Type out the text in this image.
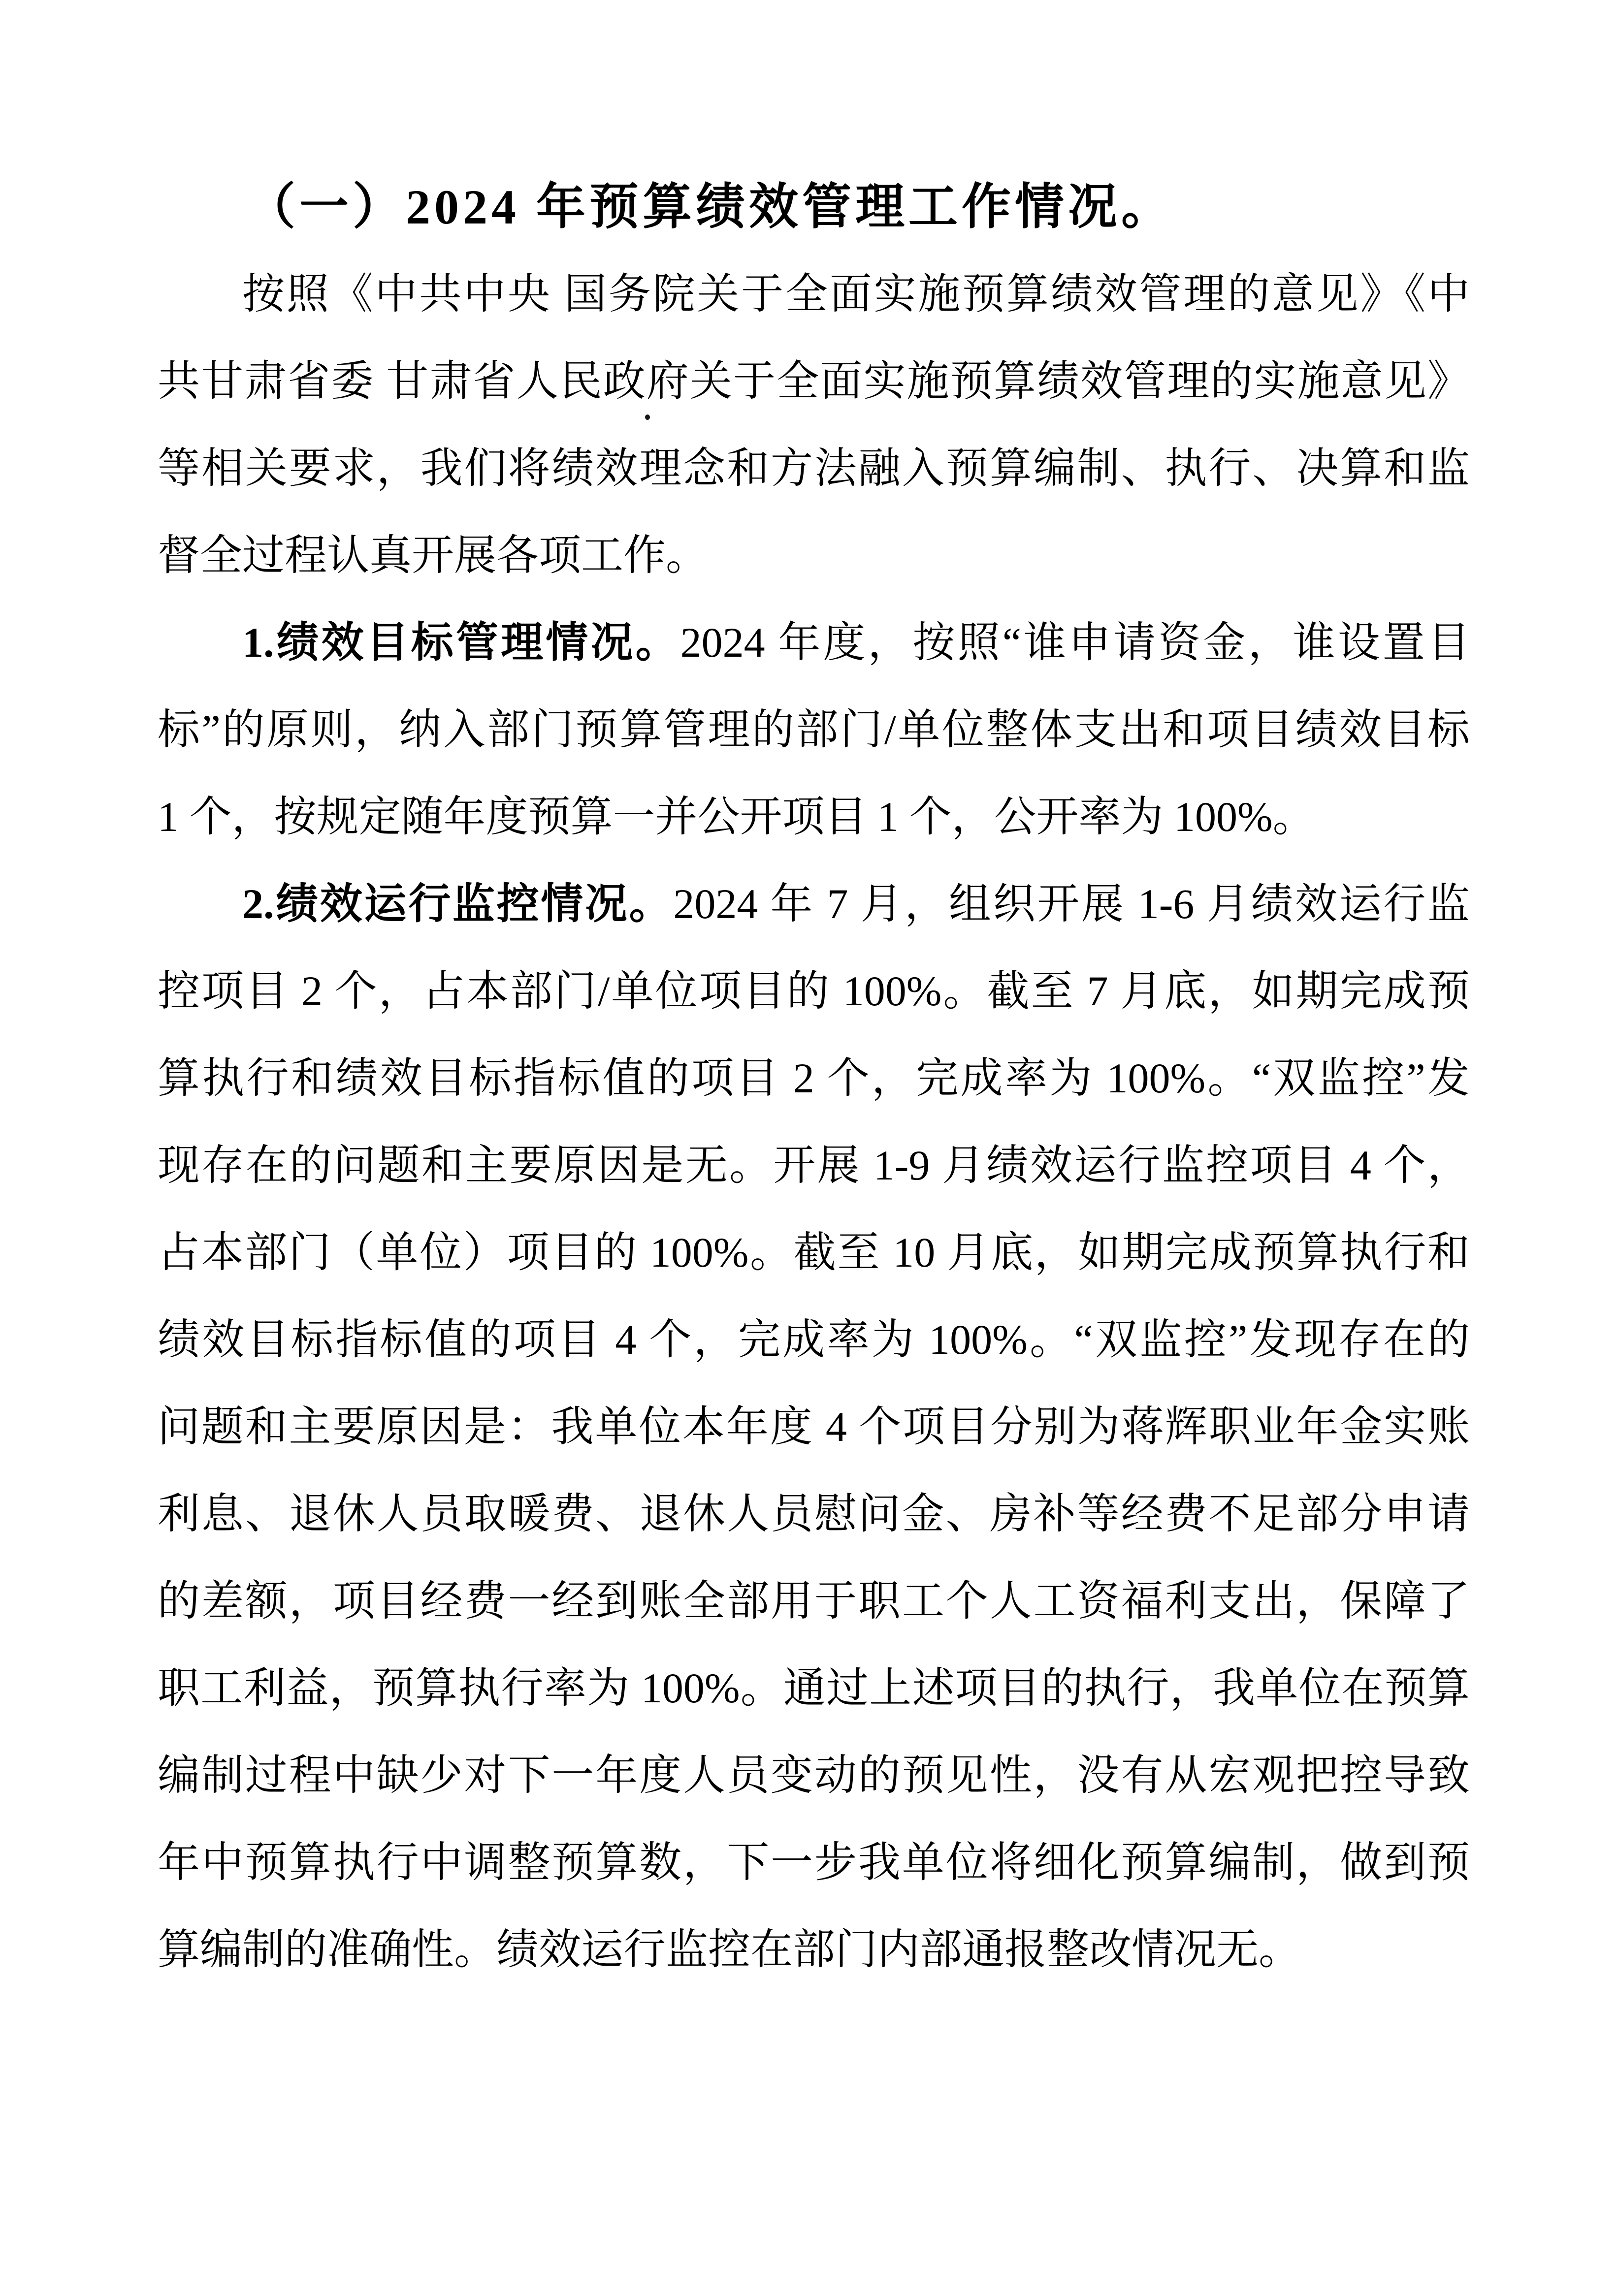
（一）2024 年预算绩效管理工作情况。
按照《中共中央 国务院关于全面实施预算绩效管理的意见》《中
共甘肃省委 甘肃省人民政府关于全面实施预算绩效管理的实施意见》
等相关要求，我们将绩效理念和方法融入预算编制、执行、决算和监
督全过程认真开展各项工作。
1.绩效目标管理情况。2024 年度，按照“谁申请资金，谁设置目
标”的原则，纳入部门预算管理的部门/单位整体支出和项目绩效目标
1 个，按规定随年度预算一并公开项目 1 个，公开率为 100%。
2.绩效运行监控情况。2024 年 7 月，组织开展 1-6 月绩效运行监
控项目 2 个，占本部门/单位项目的 100%。截至 7 月底，如期完成预
算执行和绩效目标指标值的项目 2 个，完成率为 100%。“双监控”发
现存在的问题和主要原因是无。开展 1-9 月绩效运行监控项目 4 个，
占本部门（单位）项目的 100%。截至 10 月底，如期完成预算执行和
绩效目标指标值的项目 4 个，完成率为 100%。“双监控”发现存在的
问题和主要原因是：我单位本年度 4 个项目分别为蒋辉职业年金实账
利息、退休人员取暖费、退休人员慰问金、房补等经费不足部分申请
的差额，项目经费一经到账全部用于职工个人工资福利支出，保障了
职工利益，预算执行率为 100%。通过上述项目的执行，我单位在预算
编制过程中缺少对下一年度人员变动的预见性，没有从宏观把控导致
年中预算执行中调整预算数，下一步我单位将细化预算编制，做到预
算编制的准确性。绩效运行监控在部门内部通报整改情况无。
